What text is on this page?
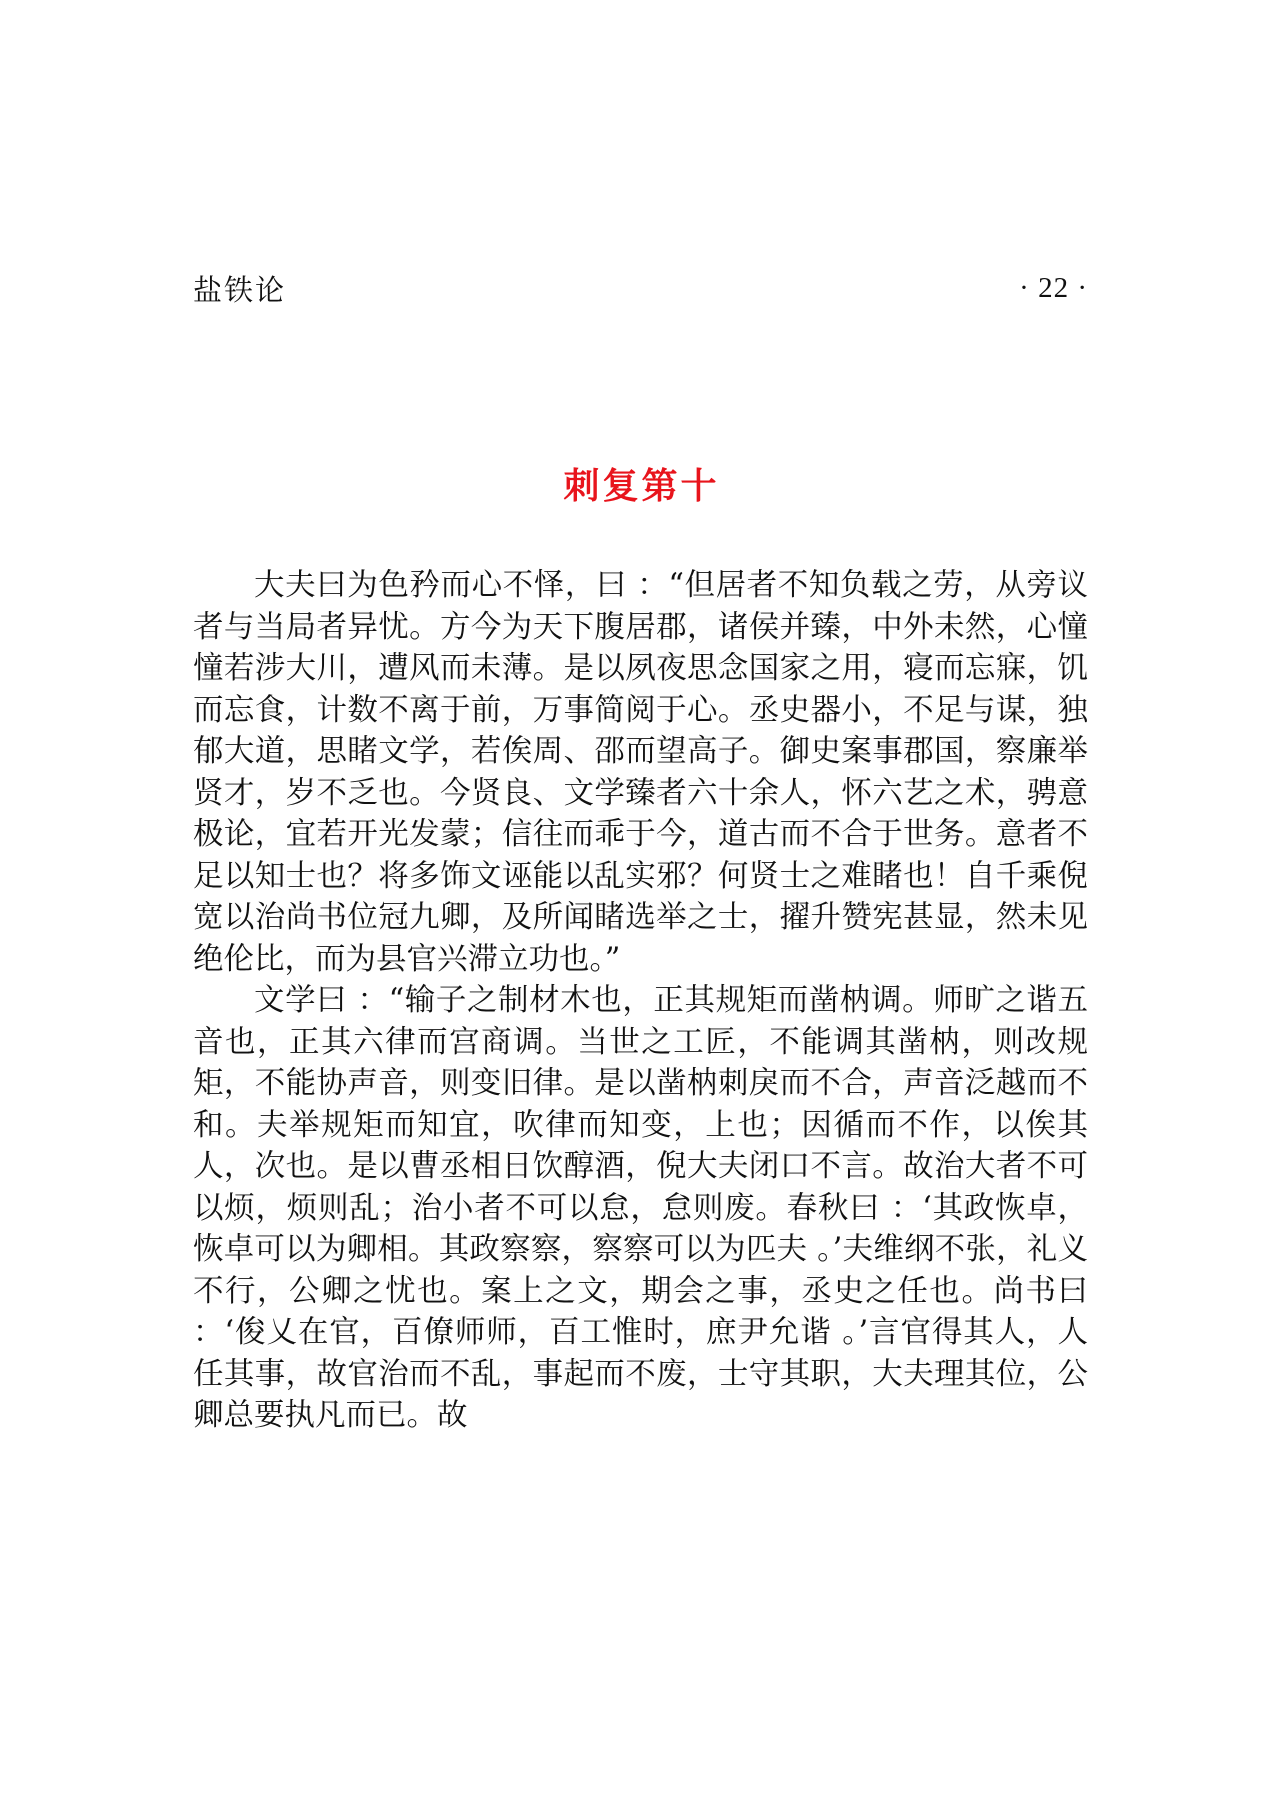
盐铁论	· 22 ·
刺复第十

大夫曰为色矜而心不怿，曰 ：“但居者不知负载之劳，从旁议者与当局者异忧。方今为天下腹居郡，诸侯并臻，中外未然，心憧憧若涉大川，遭风而未薄。是以夙夜思念国家之用，寝而忘寐，饥而忘食，计数不离于前，万事简阅于心。丞史器小，不足与谋，独郁大道，思睹文学，若俟周、邵而望高子。御史案事郡国，察廉举贤才，岁不乏也。今贤良、文学臻者六十余人，怀六艺之术，骋意极论，宜若开光发蒙；信往而乖于今，道古而不合于世务。意者不足以知士也？将多饰文诬能以乱实邪？何贤士之难睹也！自千乘倪宽以治尚书位冠九卿，及所闻睹选举之士，擢升赞宪甚显，然未见绝伦比，而为县官兴滞立功也。”

文学曰 ：“输子之制材木也，正其规矩而凿枘调。师旷之谐五音也，正其六律而宫商调。当世之工匠，不能调其凿枘，则改规矩，不能协声音，则变旧律。是以凿枘刺戾而不合，声音泛越而不和。夫举规矩而知宜，吹律而知变，上也；因循而不作，以俟其人，次也。是以曹丞相日饮醇酒，倪大夫闭口不言。故治大者不可以烦，烦则乱；治小者不可以怠，怠则废。春秋曰 ：‘其政恢卓，恢卓可以为卿相。其政察察，察察可以为匹夫 。’夫维纲不张，礼义不行，公卿之忧也。案上之文，期会之事，丞史之任也。尚书曰 ：‘俊乂在官，百僚师师，百工惟时，庶尹允谐 。’言官得其人，人任其事，故官治而不乱，事起而不废，士守其职，大夫理其位，公卿总要执凡而已。故
